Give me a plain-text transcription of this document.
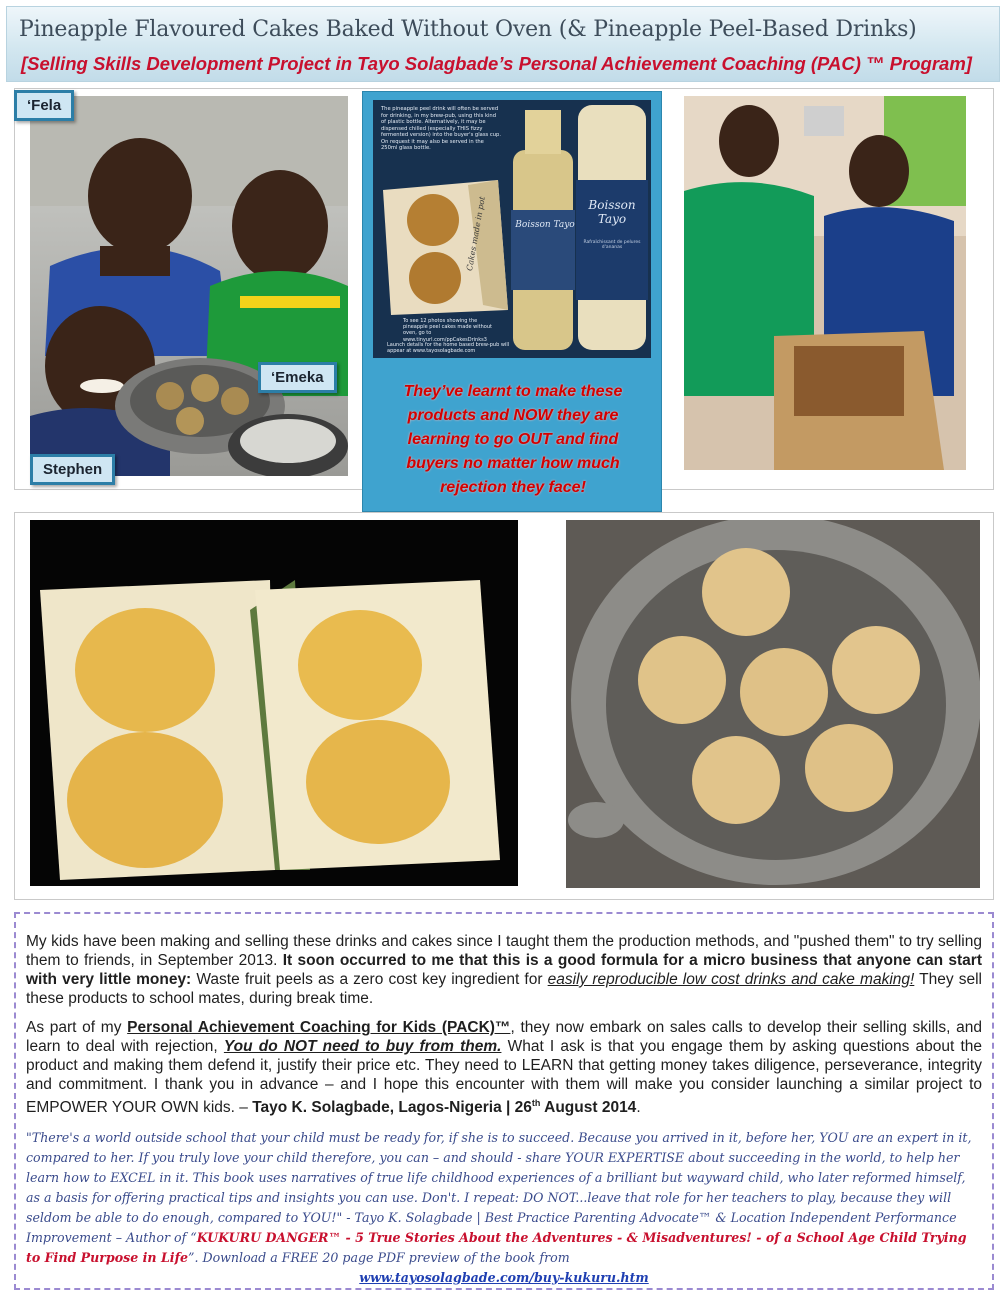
Pineapple Flavoured Cakes Baked Without Oven (& Pineapple Peel-Based Drinks)
[Selling Skills Development Project in Tayo Solagbade’s Personal Achievement Coaching (PAC) ™ Program]
‘Fela
‘Emeka
Stephen
The pineapple peel drink will often be served for drinking, in my brew-pub, using this kind of plastic bottle. Alternatively, it may be dispensed chilled (especially THIS fizzy fermented version) into the buyer's glass cup. On request it may also be served in the 250ml glass bottle.
Cakes made in pot	Boisson Tayo
Boisson Tayo
Rafraîchissant de pelures d'ananas
To see 12 photos showing the pineapple peel cakes made without oven, go to www.tinyurl.com/ppCakesDrinks3
Launch details for the home based brew-pub will appear at www.tayosolagbade.com
They’ve learnt to make these products and NOW they are learning to go OUT and find buyers no matter how much rejection they face!
My kids have been making and selling these drinks and cakes since I taught them the production methods, and "pushed them" to try selling them to friends, in September 2013. It soon occurred to me that this is a good formula for a micro business that anyone can start with very little money: Waste fruit peels as a zero cost key ingredient for easily reproducible low cost drinks and cake making! They sell these products to school mates, during break time.
As part of my Personal Achievement Coaching for Kids (PACK)™, they now embark on sales calls to develop their selling skills, and learn to deal with rejection, You do NOT need to buy from them. What I ask is that you engage them by asking questions about the product and making them defend it, justify their price etc. They need to LEARN that getting money takes diligence, perseverance, integrity and commitment. I thank you in advance – and I hope this encounter with them will make you consider launching a similar project to EMPOWER YOUR OWN kids. – Tayo K. Solagbade, Lagos-Nigeria | 26th August 2014.
"There's a world outside school that your child must be ready for, if she is to succeed. Because you arrived in it, before her, YOU are an expert in it, compared to her. If you truly love your child therefore, you can – and should - share YOUR EXPERTISE about succeeding in the world, to help her learn how to EXCEL in it. This book uses narratives of true life childhood experiences of a brilliant but wayward child, who later reformed himself, as a basis for offering practical tips and insights you can use. Don't. I repeat: DO NOT...leave that role for her teachers to play, because they will seldom be able to do enough, compared to YOU!" - Tayo K. Solagbade | Best Practice Parenting Advocate™ & Location Independent Performance Improvement – Author of “KUKURU DANGER™ - 5 True Stories About the Adventures - & Misadventures! - of a School Age Child Trying to Find Purpose in Life”. Download a FREE 20 page PDF preview of the book from
www.tayosolagbade.com/buy-kukuru.htm
